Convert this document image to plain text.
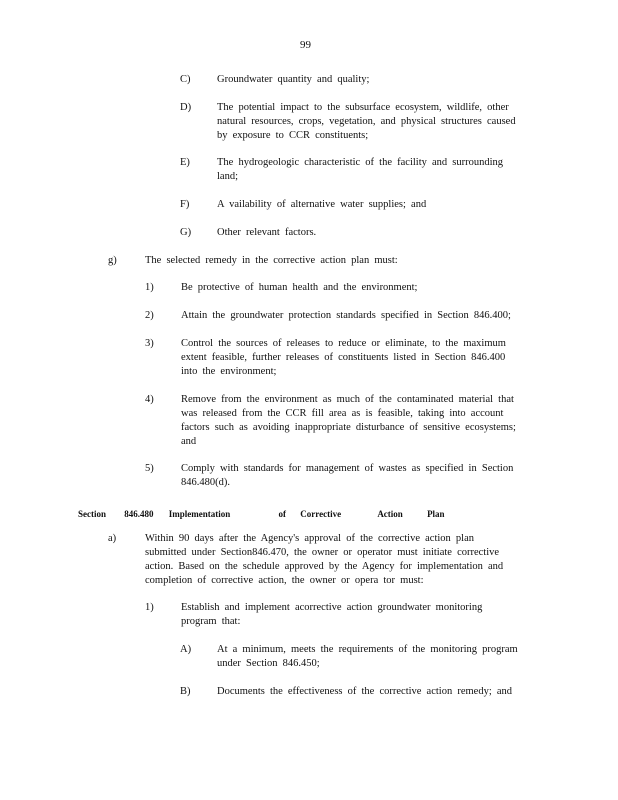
99
C)	Groundwater quantity and quality;
D) The potential impact to the subsurface ecosystem, wildlife, other
natural resources, crops, vegetation, and physical structures caused
by exposure to CCR constituents;
E)	The hydrogeologic characteristic of the facility and surrounding
land;
F)	A vailability of alternative water supplies; and
G) Other relevant factors.
g)	The selected remedy in the corrective action plan must:
1)	Be protective of human health and the environment;
2)	Attain the groundwater protection standards specified in Section 846.400;
3)	Control the sources of releases to reduce or eliminate, to the maximum
extent feasible, further releases of constituents listed in Section 846.400
into the environment;
4)	Remove from the environment as much of the contaminated material that
was released from the CCR fill area as is feasible, taking into account
factors such as avoiding inappropriate disturbance of sensitive ecosystems;
and
5)	Comply with standards for management of wastes as specified in Section
846.480(d).
Section 846.480 Implementation	of Corrective	Action	Plan
a)	Within 90 days after the Agency's approval of the corrective action plan
submitted under Section846.470, the owner or operator must initiate corrective
action. Based on the schedule approved by the Agency for implementation and
completion of corrective action, the owner or opera tor must:
1)	Establish and implement acorrective action groundwater monitoring
program that:
A) At a minimum, meets the requirements of the monitoring program
under Section 846.450;
B)	Documents the effectiveness of the corrective action remedy; and
